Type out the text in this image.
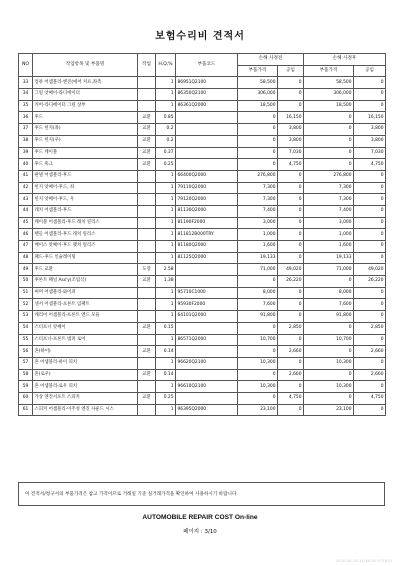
보험수리비 견적서
NO	작업항목 및 부품명	작업	H,Q,%	부품코드	손해 사정전		손해 사정후	
					부품가격	공임	부품가격	공임
33	컴퓨 어셈블리-엔진(에어 커프,좌측		1	86951Q2100	58,500	0	58,500	0
34	그릴 앗쎄이-라디에이터		1	86350Q2100	306,000	0	306,000	0
35	커버-라디에이터 그릴 상부		1	86361Q2000	18,500	0	18,500	0
36	후드	교환	0.85		0	16,150	0	16,150
37	후드 힌지(좌)	교환	0.2		0	3,800	0	3,800
38	후드 힌지(우)	교환	0.2		0	3,800	0	3,800
39	후드 케이블	교환	0.37		0	7,030	0	7,030
40	후드 훅크	교환	0.25		0	4,750	0	4,750
41	판넬 어셈블리-후드		1	66400Q2000	276,800	0	276,800	0
42	힌지 앗쎄이-후드, 좌		1	79110Q2000	7,300	0	7,300	0
43	힌지 앗쎄이-후드, 우		1	79120Q2000	7,300	0	7,300	0
44	래치 어셈블리-후드		1	81130Q2000	7,400	0	7,400	0
45	케이블 어셈블리-후드 래치 릴리스		1	81190F2000	3,000	0	3,000	0
46	핸들 어셈블리-후드 래치 릴리스		1	811812B000TRY	1,000	0	1,000	0
47	베이스 앗쎄이-후드 랫치 릴리즈		1	81180Q2000	1,600	0	1,600	0
48	패드-후드 인슐레이팅		1	81125Q2000	19,133	0	19,133	0
49	후드 교환	도장	2.58		71,000	49,020	71,000	49,020
50	후론트 패널 Ass'y(조립식)	교환	1.38		0	26,220	0	26,220
51	써머 어셈블리-와이퍼		1	95710C1000	8,000	0	8,000	0
52	센서 어셈블리-프론트 임팩트		1	95930F2000	7,600	0	7,600	0
53	캐리어 어셈블리-프론트 엔드 모듈		1	64101Q2000	91,800	0	91,800	0
54	스티프너 앗쎄이	교환	0.15		0	2,850	0	2,850
55	스티프너-프론트 범퍼 로어		1	86571Q2000	10,700	0	10,700	0
56	혼(하이)	교환	0.14		0	2,660	0	2,660
57	혼 어셈블리-하이 피치		1	96620Q2100	10,300	0	10,300	0
58	혼(로우)	교환	0.14		0	2,660	0	2,660
59	혼 어셈블리-로우 피치		1	96610Q2100	10,300	0	10,300	0
60	가상 엔진서포트 스피커	교환	0.25		0	4,750	0	4,750
61	스피커 어셈블리-이주성 엔진 사운드 시스		1	96395Q2000	23,100	0	23,100	0
이 견적서/청구서의 부품가격은 참고 가격이므로 거래일 기준 실거래가격을 확인하여 사용하시기 바랍니다.
AUTOMOBILE REPAIR COST On-line
페이지 : 3/10
2020-04-15 11:16:35 R71670
